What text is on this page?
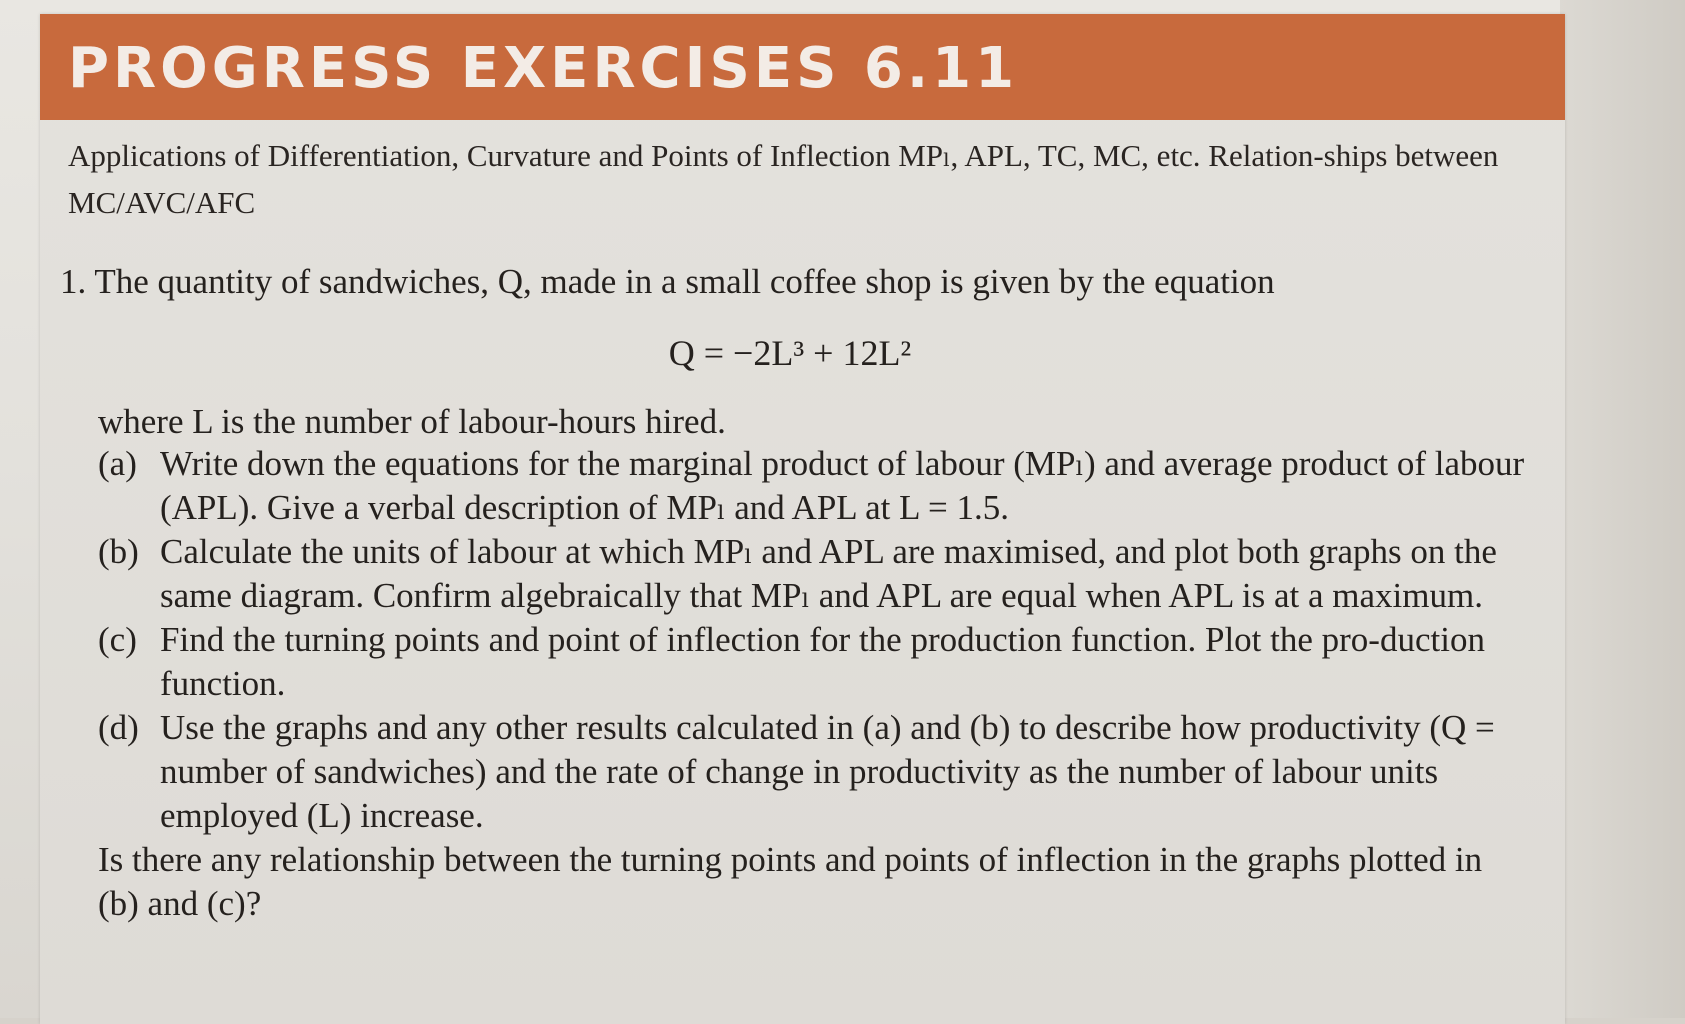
PROGRESS EXERCISES 6.11
Applications of Differentiation, Curvature and Points of Inflection MPₗ, APL, TC, MC, etc. Relation-ships between MC/AVC/AFC
1. The quantity of sandwiches, Q, made in a small coffee shop is given by the equation
Q = −2L³ + 12L²
where L is the number of labour-hours hired.
(a) Write down the equations for the marginal product of labour (MPₗ) and average product of labour (APL). Give a verbal description of MPₗ and APL at L = 1.5.
(b) Calculate the units of labour at which MPₗ and APL are maximised, and plot both graphs on the same diagram. Confirm algebraically that MPₗ and APL are equal when APL is at a maximum.
(c) Find the turning points and point of inflection for the production function. Plot the pro-duction function.
(d) Use the graphs and any other results calculated in (a) and (b) to describe how productivity (Q = number of sandwiches) and the rate of change in productivity as the number of labour units employed (L) increase.
Is there any relationship between the turning points and points of inflection in the graphs plotted in (b) and (c)?
